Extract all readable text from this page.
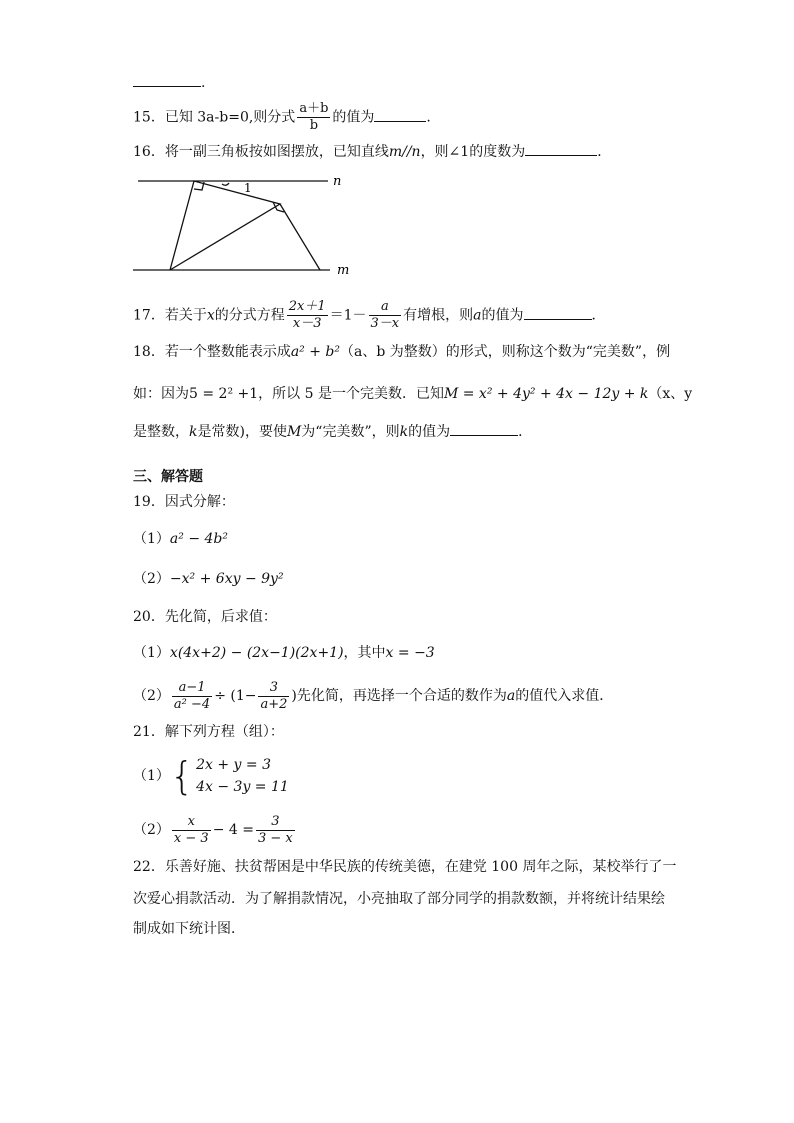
.
15．已知 3a-b=0,则分式 $\frac{a+b}{b}$ 的值为	.
16．将一副三角板按如图摆放，已知直线m//n，则∠1的度数为	．
1	n
m
17．若关于x的分式方程 $\frac{2x+1}{x-3} =1- \frac{a}{3-x}$ 有增根，则a的值为	．
18．若一个整数能表示成a² + b²（a、b 为整数）的形式，则称这个数为“完美数”，例
如：因为5 = 2² +1，所以 5 是一个完美数．已知M = x² + 4y² + 4x − 12y + k（x、y
是整数，k是常数)，要使M为“完美数”，则k的值为	．
三、解答题
19．因式分解：
（1）a² − 4b²
（2）−x² + 6xy − 9y²
20．先化简，后求值：
（1）x(4x+2) − (2x−1)(2x+1)，其中x = −3
$(2) \frac{a-1}{\text{a² −4}} \div (1- \frac{3}{a+2}$ )先化简，再选择一个合适的数作为a的值代入求值．
21．解下列方程（组）：
（1）{ 2x + y = 3
4x − 3y = 11
$(2) \frac{x}{x - 3} - 4 = \frac{3}{3 - x}$
22．乐善好施、扶贫帮困是中华民族的传统美德，在建党 100 周年之际，某校举行了一
次爱心捐款活动．为了解捐款情况，小亮抽取了部分同学的捐款数额，并将统计结果绘
制成如下统计图．
